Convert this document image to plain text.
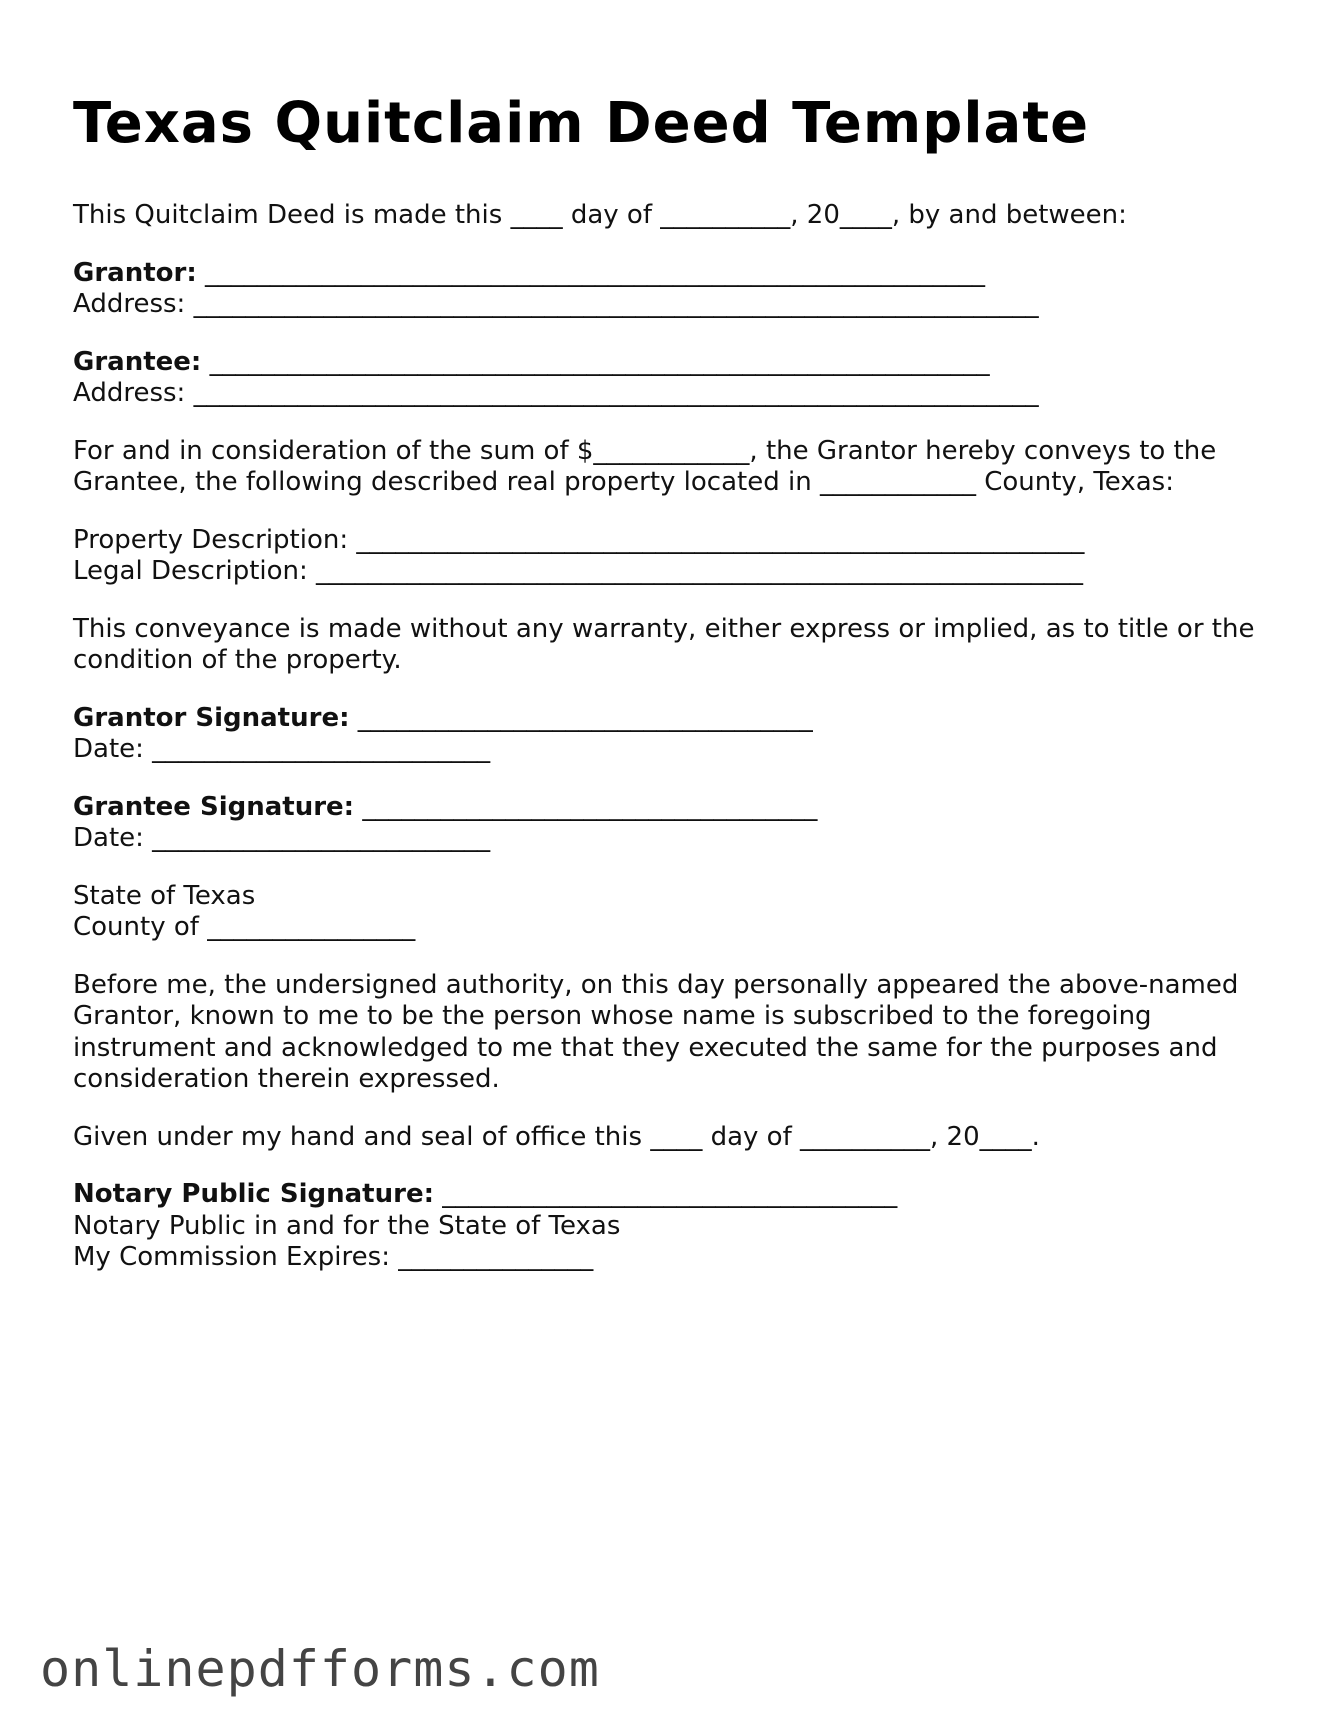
Texas Quitclaim Deed Template
This Quitclaim Deed is made this ____ day of __________, 20____, by and between:
Grantor: ____________________________________________________________
Address: _________________________________________________________________
Grantee: ____________________________________________________________
Address: _________________________________________________________________
For and in consideration of the sum of $____________, the Grantor hereby conveys to the Grantee, the following described real property located in ____________ County, Texas:
Property Description: ________________________________________________________
Legal Description: ___________________________________________________________
This conveyance is made without any warranty, either express or implied, as to title or the condition of the property.
Grantor Signature: ___________________________________
Date: __________________________
Grantee Signature: ___________________________________
Date: __________________________
State of Texas
County of ________________
Before me, the undersigned authority, on this day personally appeared the above-named Grantor, known to me to be the person whose name is subscribed to the foregoing instrument and acknowledged to me that they executed the same for the purposes and consideration therein expressed.
Given under my hand and seal of office this ____ day of __________, 20____.
Notary Public Signature: ___________________________________
Notary Public in and for the State of Texas
My Commission Expires: _______________
onlinepdfforms.com
